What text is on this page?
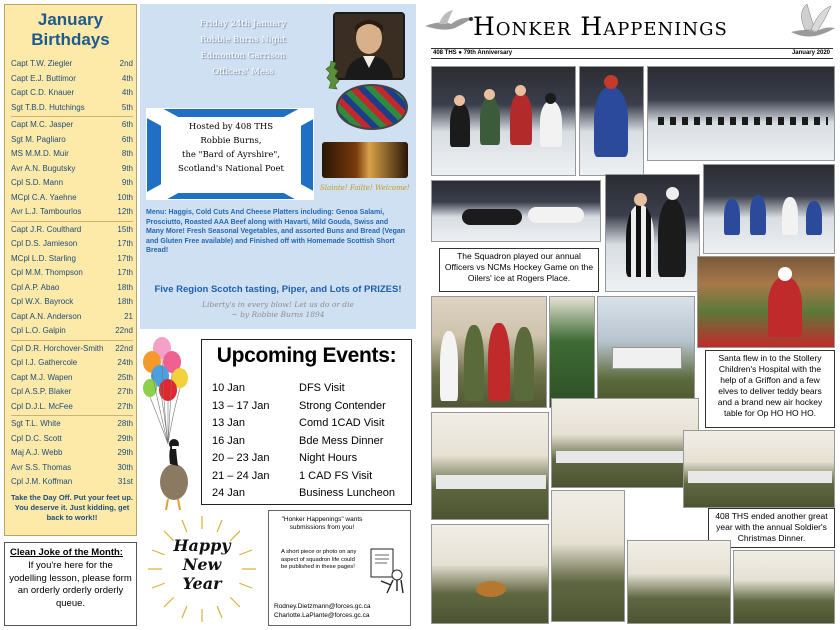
January Birthdays
Capt T.W. Ziegler	2nd
Capt E.J. Buttimor	4th
Capt C.D. Knauer	4th
Sgt T.B.D. Hutchings	5th
Capt M.C. Jasper	6th
Sgt M. Pagliaro	6th
MS M.M.D. Muir	8th
Avr A.N. Bugutsky	9th
Cpl S.D. Mann	9th
MCpl C.A. Yaehne	10th
Avr L.J. Tambourlos	12th
Capt J.R. Coulthard	15th
Cpl D.S. Jamieson	17th
MCpl L.D. Starling	17th
Cpl M.M. Thompson	17th
Cpl A.P. Abao	18th
Cpl W.X. Bayrock	18th
Capt A.N. Anderson	21
Cpl L.O. Galpin	22nd
Cpl D.R. Horchover-Smith 22nd
Cpl I.J. Gathercole	24th
Capt M.J. Wapen	25th
Cpl A.S.P. Blaker	27th
Cpl D.J.L. McFee	27th
Sgt T.L. White	28th
Cpl D.C. Scott	29th
Maj A.J. Webb	29th
Avr S.S. Thomas	30th
Cpl J.M. Koffman	31st
Take the Day Off. Put your feet up. You deserve it. Just kidding, get back to work!!
Clean Joke of the Month:
If you're here for the yodelling lesson, please form an orderly orderly orderly queue.
Friday 24th January
Robbie Burns Night
Edmonton Garrison
Officers' Mess
Slainte! Failte! Welcome!
Hosted by 408 THS
Robbie Burns,
the "Bard of Ayrshire",
Scotland's National Poet
Menu: Haggis, Cold Cuts And Cheese Platters including: Genoa Salami, Prosciutto, Roasted AAA Beef along with Havarti, Mild Gouda, Swiss and Many More! Fresh Seasonal Vegetables, and assorted Buns and Bread (Vegan and Gluten Free available) and Finished off with Homemade Scottish Short Bread!
Five Region Scotch tasting, Piper, and Lots of PRIZES!
Liberty's in every blow! Let us do or die
~ by Robbie Burns 1894
Upcoming Events:
10 Jan	DFS Visit
13 – 17 Jan	Strong Contender
13 Jan	Comd 1CAD Visit
16 Jan	Bde Mess Dinner
20 – 23 Jan	Night Hours
21 – 24 Jan	1 CAD FS Visit
24 Jan	Business Luncheon
Happy
New
Year
"Honker Happenings" wants submissions from you!
A short piece or photo on any aspect of squadron life could be published in these pages!
Rodney.Dietzmann@forces.gc.ca
Charlotte.LaPlante@forces.gc.ca
Honker Happenings
408 THS ● 79th Anniversary	January 2020
The Squadron played our annual Officers vs NCMs Hockey Game on the Oilers' ice at Rogers Place.
Santa flew in to the Stollery Children's Hospital with the help of a Griffon and a few elves to deliver teddy bears and a brand new air hockey table for Op HO HO HO.
408 THS ended another great year with the annual Soldier's Christmas Dinner.
